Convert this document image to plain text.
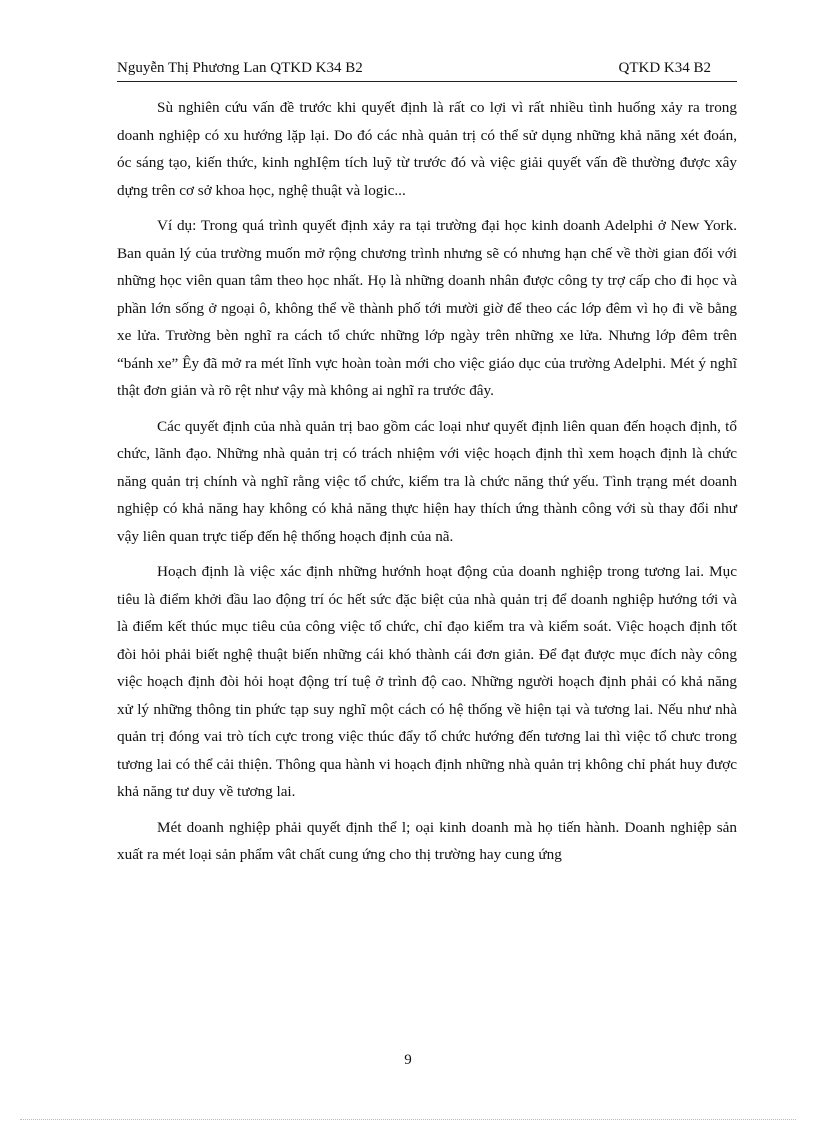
Nguyễn Thị Phương Lan QTKD K34 B2	QTKD K34 B2

Sù nghiên cứu vấn đề trước khi quyết định là rất co lợi vì rất nhiều tình huống xảy ra trong doanh nghiệp có xu hướng lặp lại. Do đó các nhà quản trị có thể sử dụng những khả năng xét đoán, óc sáng tạo, kiến thức, kinh nghIệm tích luỹ từ trước đó và việc giải quyết vấn đề thường được xây dựng trên cơ sở khoa học, nghệ thuật và logic...

Ví dụ: Trong quá trình quyết định xảy ra tại trường đại học kinh doanh Adelphi ở New York. Ban quản lý của trường muốn mở rộng chương trình nhưng sẽ có nhưng hạn chế về thời gian đối với những học viên quan tâm theo học nhất. Họ là những doanh nhân được công ty trợ cấp cho đi học và phần lớn sống ở ngoại ô, không thể về thành phố tới mười giờ để theo các lớp đêm vì họ đi về bằng xe lửa. Trường bèn nghĩ ra cách tổ chức những lớp ngày trên những xe lửa. Nhưng lớp đêm trên “bánh xe” Êy đã mở ra mét lĩnh vực hoàn toàn mới cho việc giáo dục của trường Adelphi. Mét ý nghĩ thật đơn giản và rõ rệt như vậy mà không ai nghĩ ra trước đây.

Các quyết định của nhà quản trị bao gồm các loại như quyết định liên quan đến hoạch định, tổ chức, lãnh đạo. Những nhà quản trị có trách nhiệm với việc hoạch định thì xem hoạch định là chức năng quản trị chính và nghĩ rằng việc tổ chức, kiểm tra là chức năng thứ yếu. Tình trạng mét doanh nghiệp có khả năng hay không có khả năng thực hiện hay thích ứng thành công với sù thay đổi như vậy liên quan trực tiếp đến hệ thống hoạch định của nã.

Hoạch định là việc xác định những hướnh hoạt động của doanh nghiệp trong tương lai. Mục tiêu là điểm khởi đầu lao động trí óc hết sức đặc biệt của nhà quản trị để doanh nghiệp hướng tới và là điểm kết thúc mục tiêu của công việc tổ chức, chỉ đạo kiểm tra và kiểm soát. Việc hoạch định tốt đòi hỏi phải biết nghệ thuật biến những cái khó thành cái đơn giản. Để đạt được mục đích này công việc hoạch định đòi hỏi hoạt động trí tuệ ở trình độ cao. Những người hoạch định phải có khả năng xử lý những thông tin phức tạp suy nghĩ một cách có hệ thống về hiện tại và tương lai. Nếu như nhà quản trị đóng vai trò tích cực trong việc thúc đẩy tổ chức hướng đến tương lai thì việc tổ chưc trong tương lai có thể cải thiện. Thông qua hành vi hoạch định những nhà quản trị không chỉ phát huy được khả năng tư duy về tương lai.

Mét doanh nghiệp phải quyết định thể l; oại kinh doanh mà họ tiến hành. Doanh nghiệp sản xuất ra mét loại sản phẩm vât chất cung ứng cho thị trường hay cung ứng

9
